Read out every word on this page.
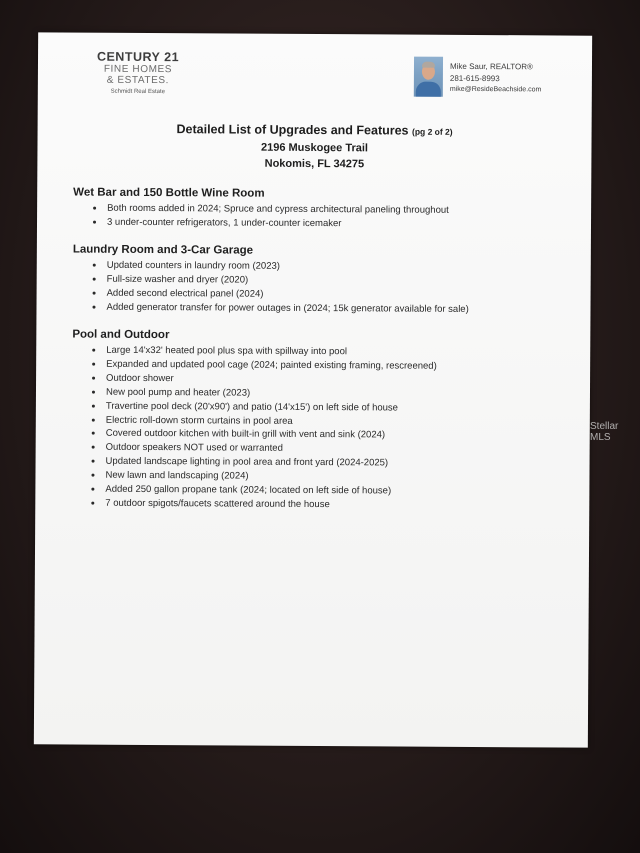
CENTURY 21
FINE HOMES
& ESTATES.
Schmidt Real Estate
Mike Saur, REALTOR®
281-615-8993
mike@ResideBeachside.com
Detailed List of Upgrades and Features (pg 2 of 2)
2196 Muskogee Trail
Nokomis, FL 34275
Wet Bar and 150 Bottle Wine Room
• Both rooms added in 2024; Spruce and cypress architectural paneling throughout
• 3 under-counter refrigerators, 1 under-counter icemaker
Laundry Room and 3-Car Garage
• Updated counters in laundry room (2023)
• Full-size washer and dryer (2020)
• Added second electrical panel (2024)
• Added generator transfer for power outages in (2024; 15k generator available for sale)
Pool and Outdoor
• Large 14'x32' heated pool plus spa with spillway into pool
• Expanded and updated pool cage (2024; painted existing framing, rescreened)
• Outdoor shower
• New pool pump and heater (2023)
• Travertine pool deck (20'x90') and patio (14'x15') on left side of house
• Electric roll-down storm curtains in pool area
• Covered outdoor kitchen with built-in grill with vent and sink (2024)
• Outdoor speakers NOT used or warranted
• Updated landscape lighting in pool area and front yard (2024-2025)
• New lawn and landscaping (2024)
• Added 250 gallon propane tank (2024; located on left side of house)
• 7 outdoor spigots/faucets scattered around the house
Stellar MLS
